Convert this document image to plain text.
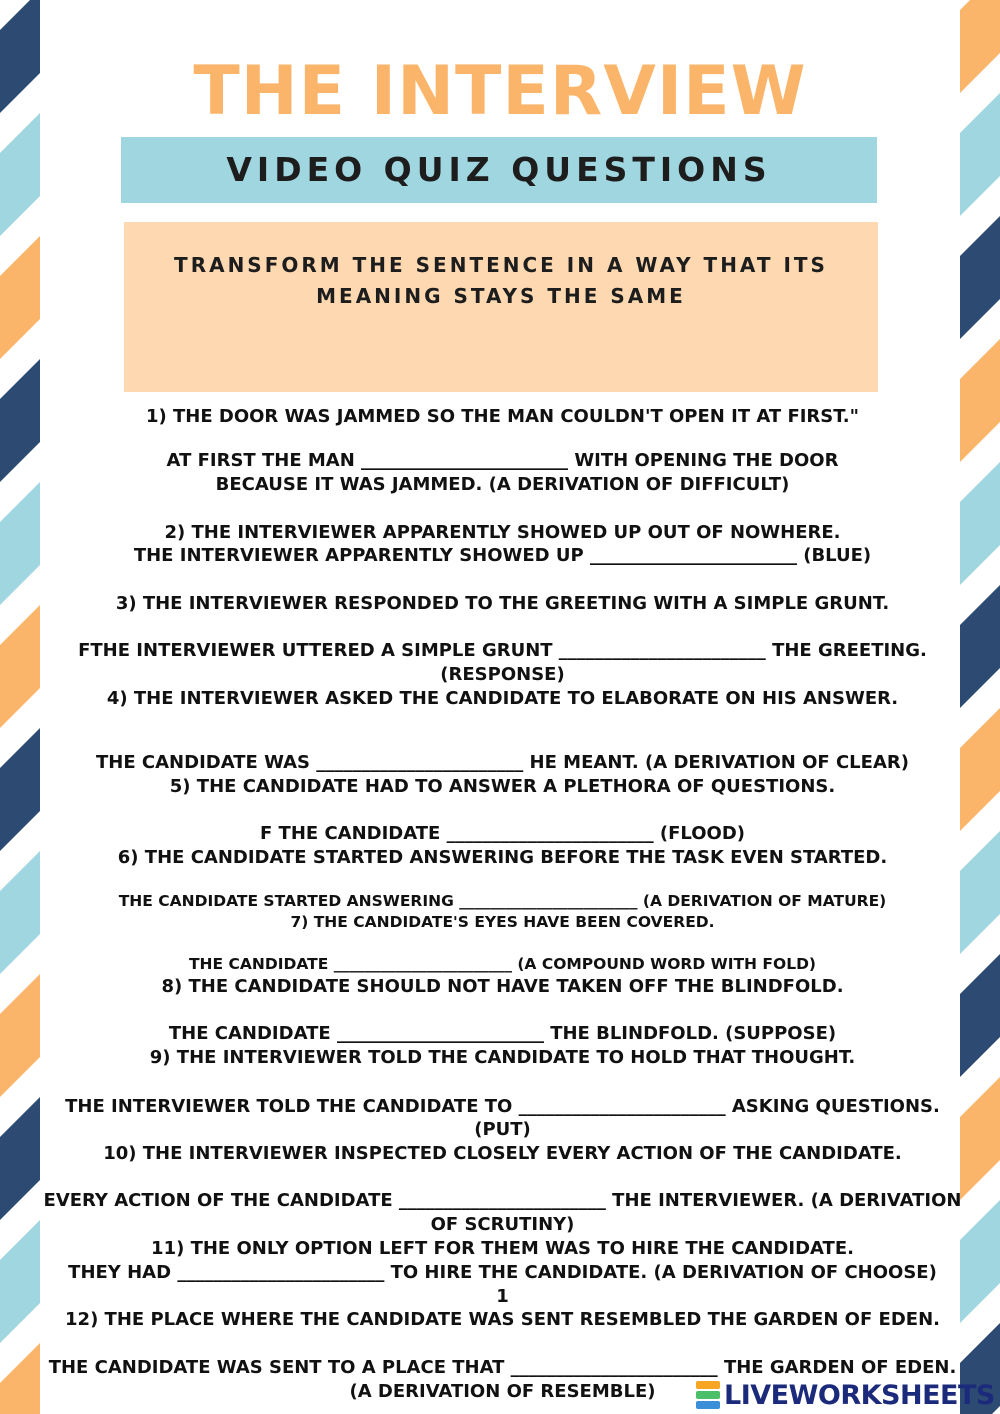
THE INTERVIEW
VIDEO QUIZ QUESTIONS
TRANSFORM THE SENTENCE IN A WAY THAT ITS
MEANING STAYS THE SAME
1) THE DOOR WAS JAMMED SO THE MAN COULDN'T OPEN IT AT FIRST."
AT FIRST THE MAN _______________________ WITH OPENING THE DOOR
BECAUSE IT WAS JAMMED. (A DERIVATION OF DIFFICULT)
2) THE INTERVIEWER APPARENTLY SHOWED UP OUT OF NOWHERE.
THE INTERVIEWER APPARENTLY SHOWED UP _______________________ (BLUE)
3) THE INTERVIEWER RESPONDED TO THE GREETING WITH A SIMPLE GRUNT.
FTHE INTERVIEWER UTTERED A SIMPLE GRUNT _______________________ THE GREETING.
(RESPONSE)
4) THE INTERVIEWER ASKED THE CANDIDATE TO ELABORATE ON HIS ANSWER.
THE CANDIDATE WAS _______________________ HE MEANT. (A DERIVATION OF CLEAR)
5) THE CANDIDATE HAD TO ANSWER A PLETHORA OF QUESTIONS.
F THE CANDIDATE _______________________ (FLOOD)
6) THE CANDIDATE STARTED ANSWERING BEFORE THE TASK EVEN STARTED.
THE CANDIDATE STARTED ANSWERING _______________________ (A DERIVATION OF MATURE)
7) THE CANDIDATE'S EYES HAVE BEEN COVERED.
THE CANDIDATE _______________________ (A COMPOUND WORD WITH FOLD)
8) THE CANDIDATE SHOULD NOT HAVE TAKEN OFF THE BLINDFOLD.
THE CANDIDATE _______________________ THE BLINDFOLD. (SUPPOSE)
9) THE INTERVIEWER TOLD THE CANDIDATE TO HOLD THAT THOUGHT.
THE INTERVIEWER TOLD THE CANDIDATE TO _______________________ ASKING QUESTIONS.
(PUT)
10) THE INTERVIEWER INSPECTED CLOSELY EVERY ACTION OF THE CANDIDATE.
EVERY ACTION OF THE CANDIDATE _______________________ THE INTERVIEWER. (A DERIVATION
OF SCRUTINY)
11) THE ONLY OPTION LEFT FOR THEM WAS TO HIRE THE CANDIDATE.
THEY HAD _______________________ TO HIRE THE CANDIDATE. (A DERIVATION OF CHOOSE)
1
12) THE PLACE WHERE THE CANDIDATE WAS SENT RESEMBLED THE GARDEN OF EDEN.
THE CANDIDATE WAS SENT TO A PLACE THAT _______________________ THE GARDEN OF EDEN.
(A DERIVATION OF RESEMBLE)	LIVEWORKSHEETS
